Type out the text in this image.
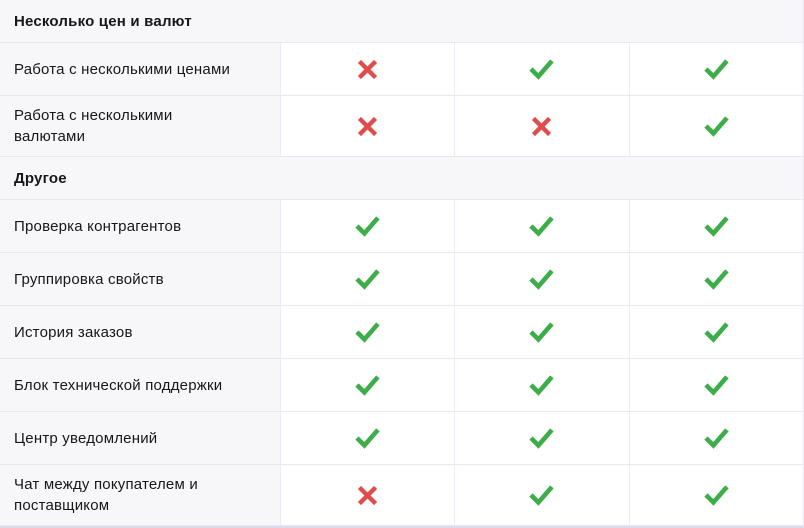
Несколько цен и валют
Работа с несколькими ценами
Работа с несколькими валютами
Другое
Проверка контрагентов
Группировка свойств
История заказов
Блок технической поддержки
Центр уведомлений
Чат между покупателем и поставщиком
